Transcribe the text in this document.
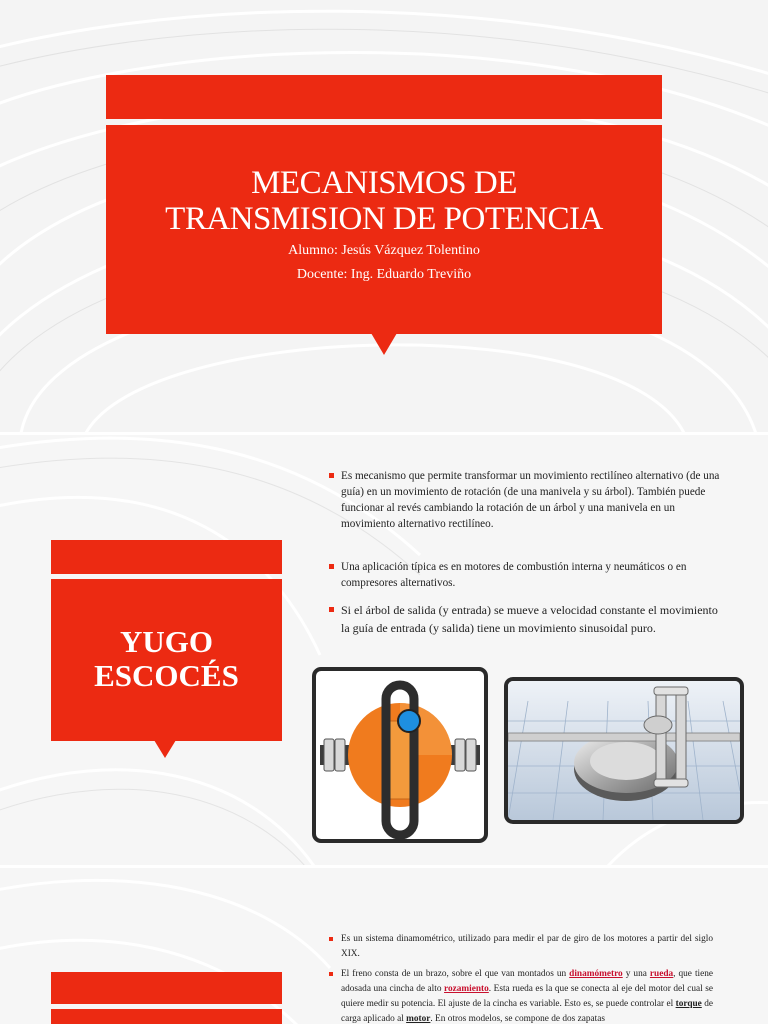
MECANISMOS DE
TRANSMISION DE POTENCIA
Alumno: Jesús Vázquez Tolentino
Docente: Ing. Eduardo Treviño
YUGO
ESCOCÉS
Es mecanismo que permite transformar un movimiento rectilíneo alternativo (de una guía) en un movimiento de rotación (de una manivela y su árbol). También puede funcionar al revés cambiando la rotación de un árbol y una manivela en un movimiento alternativo rectilíneo.
Una aplicación típica es en motores de combustión interna y neumáticos o en compresores alternativos.
Si el árbol de salida (y entrada) se mueve a velocidad constante el movimiento la guía de entrada (y salida) tiene un movimiento sinusoidal puro.
Es un sistema dinamométrico, utilizado para medir el par de giro de los motores a partir del siglo XIX.
El freno consta de un brazo, sobre el que van montados un dinamómetro y una rueda, que tiene adosada una cincha de alto rozamiento. Esta rueda es la que se conecta al eje del motor del cual se quiere medir su potencia. El ajuste de la cincha es variable. Esto es, se puede controlar el torque de carga aplicado al motor. En otros modelos, se compone de dos zapatas
